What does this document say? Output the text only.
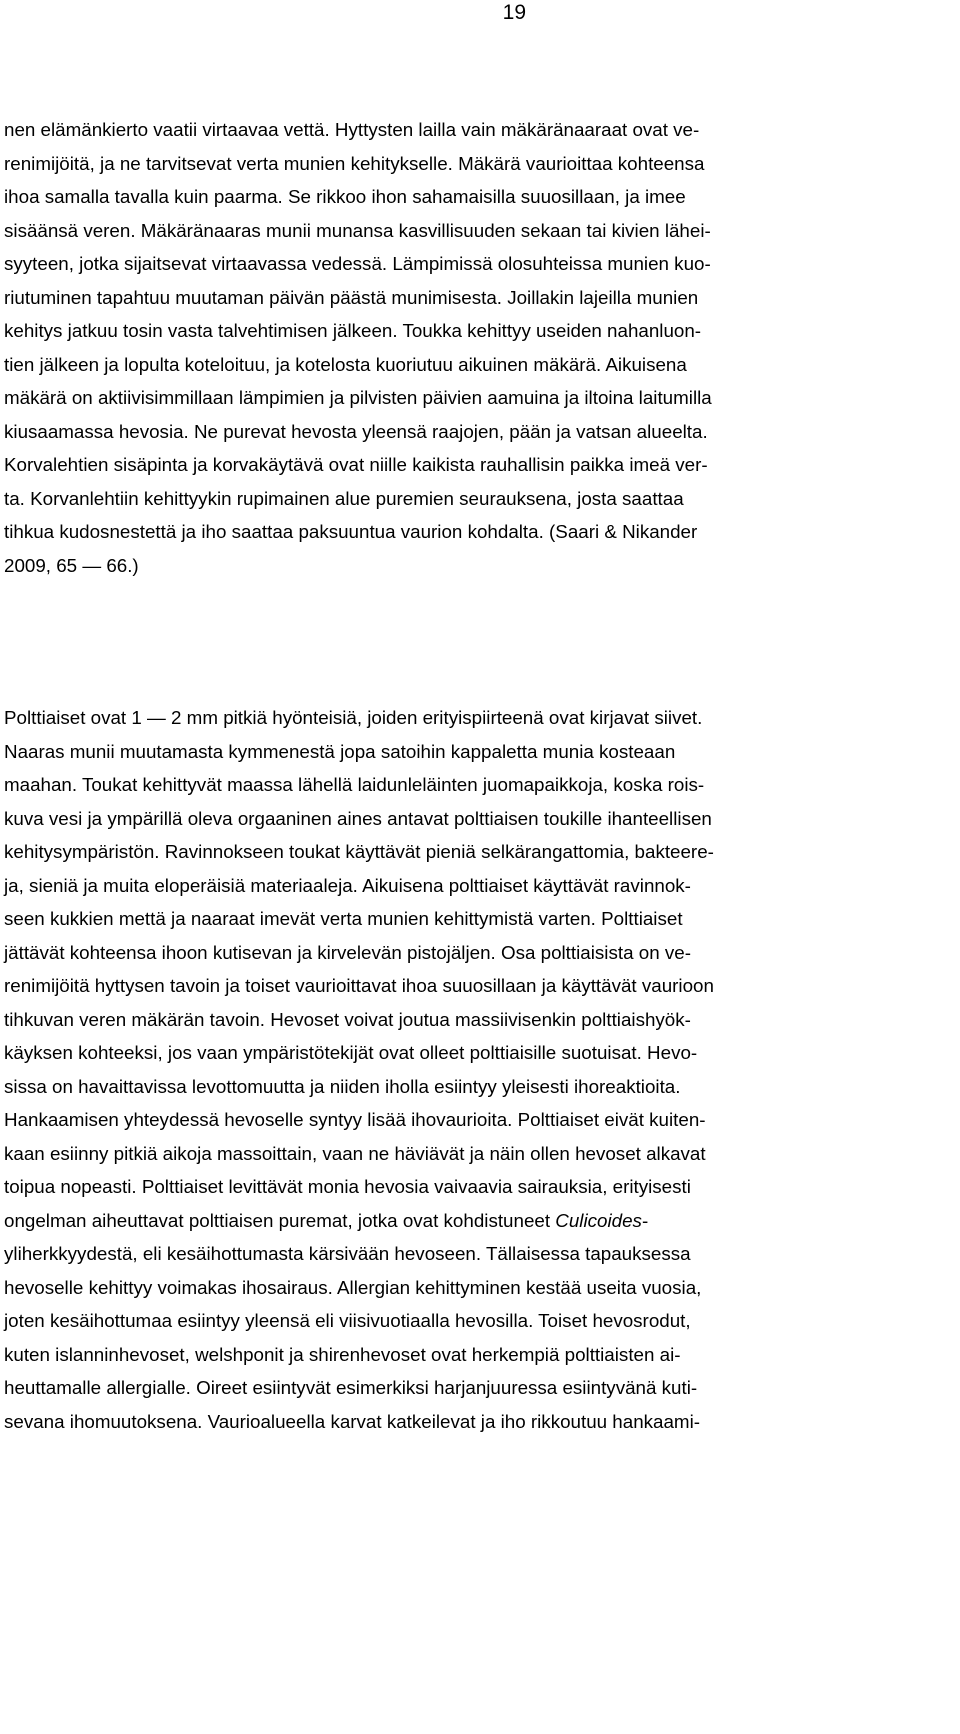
19
nen elämänkierto vaatii virtaavaa vettä. Hyttysten lailla vain mäkäränaaraat ovat ve-
renimijöitä, ja ne tarvitsevat verta munien kehitykselle. Mäkärä vaurioittaa kohteensa
ihoa samalla tavalla kuin paarma. Se rikkoo ihon sahamaisilla suuosillaan, ja imee
sisäänsä veren. Mäkäränaaras munii munansa kasvillisuuden sekaan tai kivien lähei-
syyteen, jotka sijaitsevat virtaavassa vedessä. Lämpimissä olosuhteissa munien kuo-
riutuminen tapahtuu muutaman päivän päästä munimisesta. Joillakin lajeilla munien
kehitys jatkuu tosin vasta talvehtimisen jälkeen. Toukka kehittyy useiden nahanluon-
tien jälkeen ja lopulta koteloituu, ja kotelosta kuoriutuu aikuinen mäkärä. Aikuisena
mäkärä on aktiivisimmillaan lämpimien ja pilvisten päivien aamuina ja iltoina laitumilla
kiusaamassa hevosia. Ne purevat hevosta yleensä raajojen, pään ja vatsan alueelta.
Korvalehtien sisäpinta ja korvakäytävä ovat niille kaikista rauhallisin paikka imeä ver-
ta. Korvanlehtiin kehittyykin rupimainen alue puremien seurauksena, josta saattaa
tihkua kudosnestettä ja iho saattaa paksuuntua vaurion kohdalta. (Saari & Nikander
2009, 65 ― 66.)
Polttiaiset ovat 1 ― 2 mm pitkiä hyönteisiä, joiden erityispiirteenä ovat kirjavat siivet.
Naaras munii muutamasta kymmenestä jopa satoihin kappaletta munia kosteaan
maahan. Toukat kehittyvät maassa lähellä laidunleläinten juomapaikkoja, koska rois-
kuva vesi ja ympärillä oleva orgaaninen aines antavat polttiaisen toukille ihanteellisen
kehitysympäristön. Ravinnokseen toukat käyttävät pieniä selkärangattomia, bakteere-
ja, sieniä ja muita eloperäisiä materiaaleja. Aikuisena polttiaiset käyttävät ravinnok-
seen kukkien mettä ja naaraat imevät verta munien kehittymistä varten. Polttiaiset
jättävät kohteensa ihoon kutisevan ja kirvelevän pistojäljen. Osa polttiaisista on ve-
renimijöitä hyttysen tavoin ja toiset vaurioittavat ihoa suuosillaan ja käyttävät vaurioon
tihkuvan veren mäkärän tavoin. Hevoset voivat joutua massiivisenkin polttiaishyök-
käyksen kohteeksi, jos vaan ympäristötekijät ovat olleet polttiaisille suotuisat. Hevo-
sissa on havaittavissa levottomuutta ja niiden iholla esiintyy yleisesti ihoreaktioita.
Hankaamisen yhteydessä hevoselle syntyy lisää ihovaurioita. Polttiaiset eivät kuiten-
kaan esiinny pitkiä aikoja massoittain, vaan ne häviävät ja näin ollen hevoset alkavat
toipua nopeasti. Polttiaiset levittävät monia hevosia vaivaavia sairauksia, erityisesti
ongelman aiheuttavat polttiaisen puremat, jotka ovat kohdistuneet Culicoides-
yliherkkyydestä, eli kesäihottumasta kärsivään hevoseen. Tällaisessa tapauksessa
hevoselle kehittyy voimakas ihosairaus. Allergian kehittyminen kestää useita vuosia,
joten kesäihottumaa esiintyy yleensä eli viisivuotiaalla hevosilla. Toiset hevosrodut,
kuten islanninhevoset, welshponit ja shirenhevoset ovat herkempiä polttiaisten ai-
heuttamalle allergialle. Oireet esiintyvät esimerkiksi harjanjuuressa esiintyvänä kuti-
sevana ihomuutoksena. Vaurioalueella karvat katkeilevat ja iho rikkoutuu hankaami-
